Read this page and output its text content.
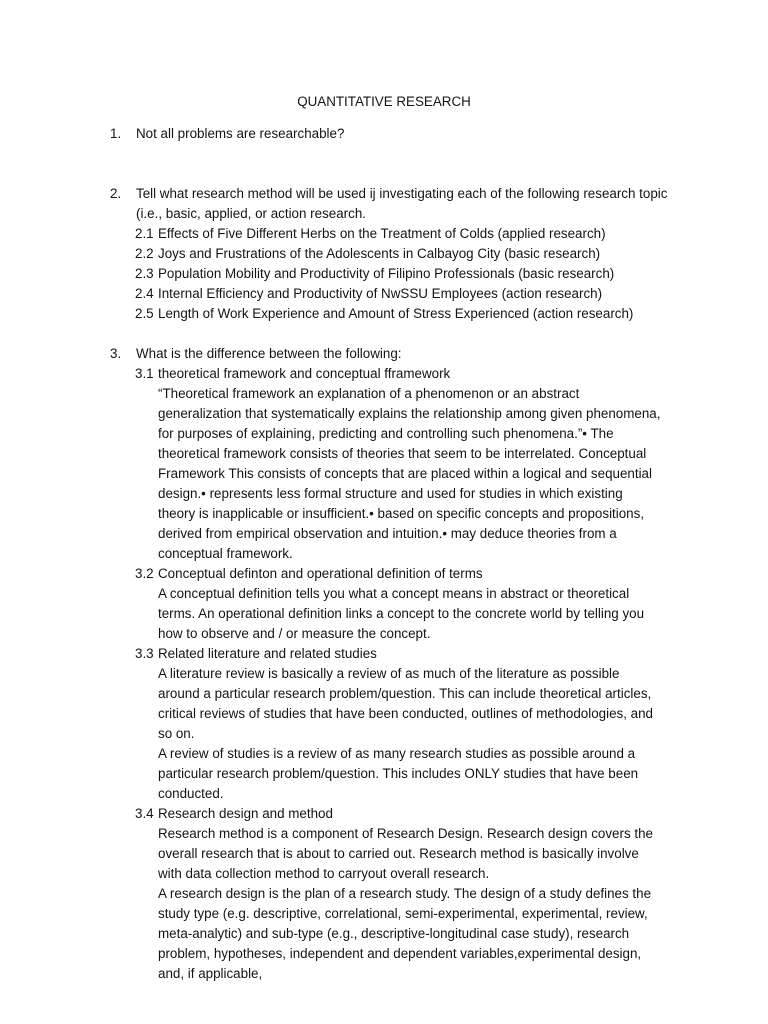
QUANTITATIVE RESEARCH
1.	Not all problems are researchable?
2.	Tell what research method will be used ij investigating each of the following research topic (i.e., basic, applied, or action research.
2.1 Effects of Five Different Herbs on the Treatment of Colds (applied research)
2.2 Joys and Frustrations of the Adolescents in Calbayog City (basic research)
2.3 Population Mobility and Productivity of Filipino Professionals (basic research)
2.4 Internal Efficiency and Productivity of NwSSU Employees (action research)
2.5 Length of Work Experience and Amount of Stress Experienced (action research)
3.	What is the difference between the following:
3.1 theoretical framework and conceptual fframework

“Theoretical framework an explanation of a phenomenon or an abstract generalization that systematically explains the relationship among given phenomena, for purposes of explaining, predicting and controlling such phenomena.”• The theoretical framework consists of theories that seem to be interrelated. Conceptual Framework This consists of concepts that are placed within a logical and sequential design.• represents less formal structure and used for studies in which existing theory is inapplicable or insufficient.• based on specific concepts and propositions, derived from empirical observation and intuition.• may deduce theories from a conceptual framework.

3.2 Conceptual definton and operational definition of terms

A conceptual definition tells you what a concept means in abstract or theoretical terms. An operational definition links a concept to the concrete world by telling you how to observe and / or measure the concept.

3.3 Related literature and related studies

A literature review is basically a review of as much of the literature as possible around a particular research problem/question. This can include theoretical articles, critical reviews of studies that have been conducted, outlines of methodologies, and so on.

A review of studies is a review of as many research studies as possible around a particular research problem/question. This includes ONLY studies that have been conducted.

3.4 Research design and method

Research method is a component of Research Design. Research design covers the overall research that is about to carried out. Research method is basically involve with data collection method to carryout overall research.

A research design is the plan of a research study. The design of a study defines the study type (e.g. descriptive, correlational, semi-experimental, experimental, review, meta-analytic) and sub-type (e.g., descriptive-longitudinal case study), research problem, hypotheses, independent and dependent variables,experimental design, and, if applicable,
